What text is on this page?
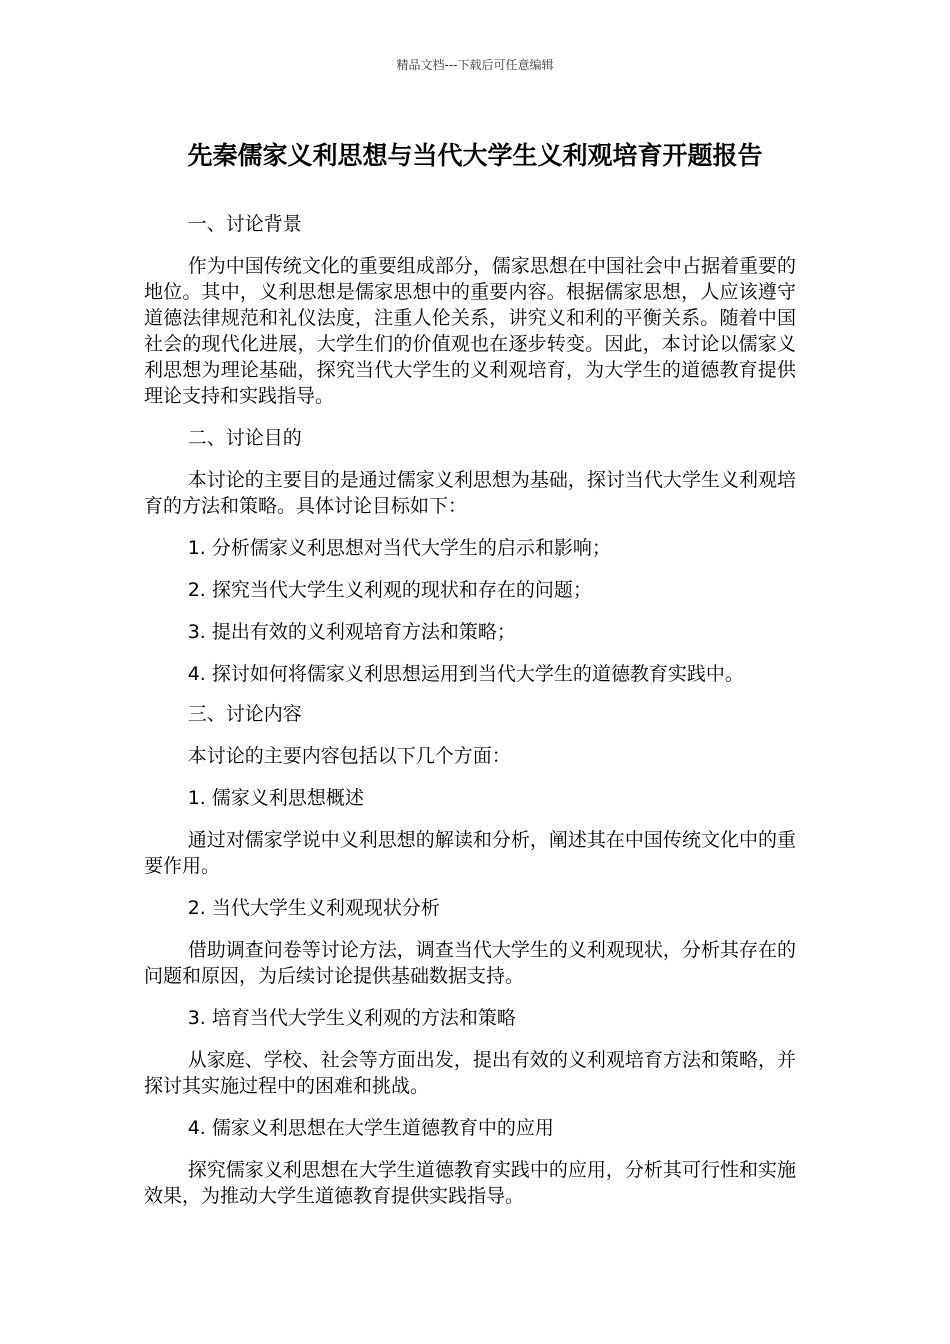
精品文档---下载后可任意编辑
先秦儒家义利思想与当代大学生义利观培育开题报告

一、讨论背景

作为中国传统文化的重要组成部分，儒家思想在中国社会中占据着重要的地位。其中，义利思想是儒家思想中的重要内容。根据儒家思想，人应该遵守道德法律规范和礼仪法度，注重人伦关系，讲究义和利的平衡关系。随着中国社会的现代化进展，大学生们的价值观也在逐步转变。因此，本讨论以儒家义利思想为理论基础，探究当代大学生的义利观培育，为大学生的道德教育提供理论支持和实践指导。

二、讨论目的

本讨论的主要目的是通过儒家义利思想为基础，探讨当代大学生义利观培育的方法和策略。具体讨论目标如下：

1. 分析儒家义利思想对当代大学生的启示和影响；

2. 探究当代大学生义利观的现状和存在的问题；

3. 提出有效的义利观培育方法和策略；

4. 探讨如何将儒家义利思想运用到当代大学生的道德教育实践中。

三、讨论内容

本讨论的主要内容包括以下几个方面：

1. 儒家义利思想概述

通过对儒家学说中义利思想的解读和分析，阐述其在中国传统文化中的重要作用。

2. 当代大学生义利观现状分析

借助调查问卷等讨论方法，调查当代大学生的义利观现状，分析其存在的问题和原因，为后续讨论提供基础数据支持。

3. 培育当代大学生义利观的方法和策略

从家庭、学校、社会等方面出发，提出有效的义利观培育方法和策略，并探讨其实施过程中的困难和挑战。

4. 儒家义利思想在大学生道德教育中的应用

探究儒家义利思想在大学生道德教育实践中的应用，分析其可行性和实施效果，为推动大学生道德教育提供实践指导。
